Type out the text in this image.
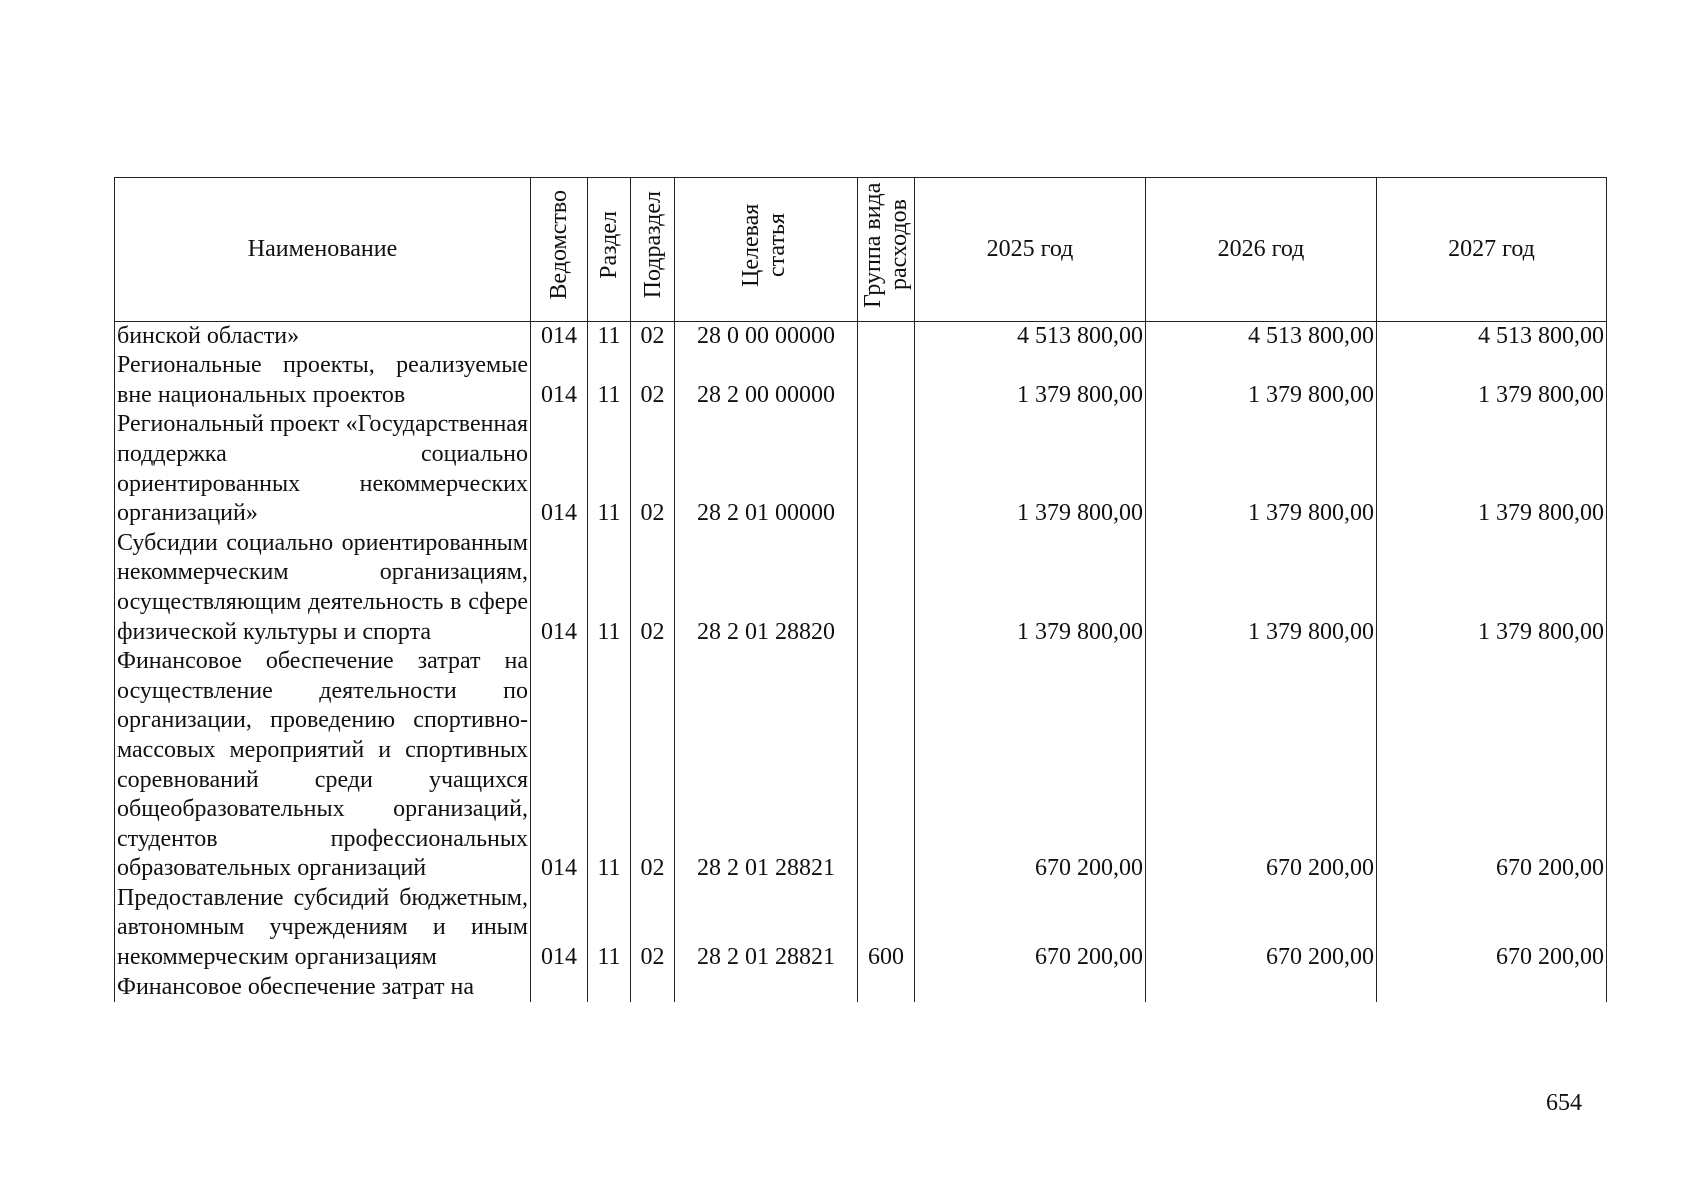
Наименование	Ведомство	Раздел	Подраздел	Целевая статья	Группа вида расходов	2025 год	2026 год	2027 год
бинской области»	014	11	02	28 0 00 00000		4 513 800,00	4 513 800,00	4 513 800,00
Региональные проекты, реализуемые вне национальных проектов	014	11	02	28 2 00 00000		1 379 800,00	1 379 800,00	1 379 800,00
Региональный проект «Государственная поддержка социально ориентированных некоммерческих организаций»	014	11	02	28 2 01 00000		1 379 800,00	1 379 800,00	1 379 800,00
Субсидии социально ориентированным некоммерческим организациям, осуществляющим деятельность в сфере физической культуры и спорта	014	11	02	28 2 01 28820		1 379 800,00	1 379 800,00	1 379 800,00
Финансовое обеспечение затрат на осуществление деятельности по организации, проведению спортивно-массовых мероприятий и спортивных соревнований среди учащихся общеобразовательных организаций, студентов профессиональных образовательных организаций	014	11	02	28 2 01 28821		670 200,00	670 200,00	670 200,00
Предоставление субсидий бюджетным, автономным учреждениям и иным некоммерческим организациям	014	11	02	28 2 01 28821	600	670 200,00	670 200,00	670 200,00
Финансовое обеспечение затрат на								
654
